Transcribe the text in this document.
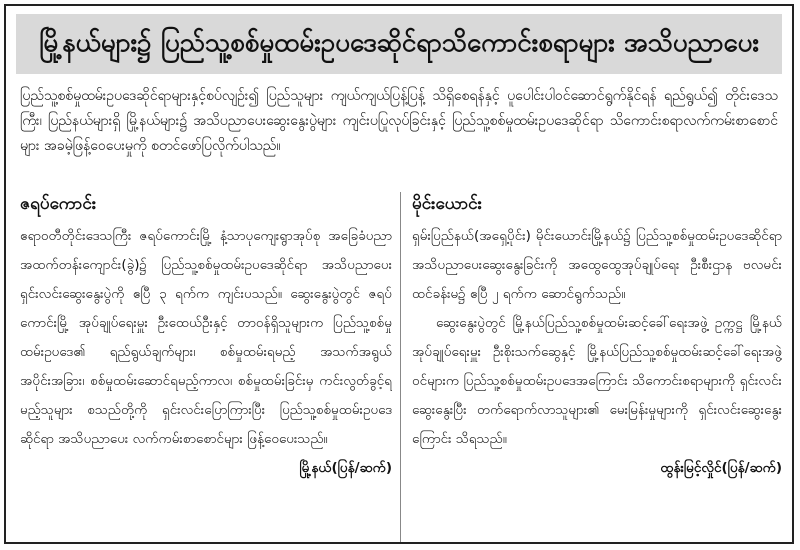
မြို့နယ်များ၌ ပြည်သူ့စစ်မှုထမ်းဥပဒေဆိုင်ရာသိကောင်းစရာများ အသိပညာပေး
ပြည်သူ့စစ်မှုထမ်းဥပဒေဆိုင်ရာများနှင့်စပ်လျဉ်း၍ ပြည်သူများ ကျယ်ကျယ်ပြန့်ပြန့် သိရှိစေရန်နှင့် ပူပေါင်းပါဝင်ဆောင်ရွက်နိုင်ရန် ရည်ရွယ်၍ တိုင်းဒေသကြီး၊ ပြည်နယ်များရှိ မြို့နယ်များ၌ အသိပညာပေးဆွေးနွေးပွဲများ ကျင်းပပြုလုပ်ခြင်းနှင့် ပြည်သူ့စစ်မှုထမ်းဥပဒေဆိုင်ရာ သိကောင်းစရာလက်ကမ်းစာစောင်များ အခမဲ့ဖြန့်ဝေပေးမှုကို စတင်ဖော်ပြလိုက်ပါသည်။
ဇရပ်ကောင်း
ဧရာဝတီတိုင်းဒေသကြီး ဇရပ်ကောင်းမြို့ နံ့သာပုကျေးရွာအုပ်စု အခြေခံပညာအထက်တန်းကျောင်း(ခွဲ)၌ ပြည်သူ့စစ်မှုထမ်းဥပဒေဆိုင်ရာ အသိပညာပေးရှင်းလင်းဆွေးနွေးပွဲကို ဧပြီ ၃ ရက်က ကျင်းပသည်။ ဆွေးနွေးပွဲတွင် ဇရပ်ကောင်းမြို့ အုပ်ချုပ်ရေးမှူး ဦးထေယ်ဦးနှင့် တာဝန်ရှိသူများက ပြည်သူ့စစ်မှုထမ်းဥပဒေ၏ ရည်ရွယ်ချက်များ၊ စစ်မှုထမ်းရမည့် အသက်အရွယ်အပိုင်းအခြား၊ စစ်မှုထမ်းဆောင်ရမည့်ကာလ၊ စစ်မှုထမ်းခြင်းမှ ကင်းလွတ်ခွင့်ရမည့်သူများ စသည်တို့ကို ရှင်းလင်းပြောကြားပြီး ပြည်သူ့စစ်မှုထမ်းဥပဒေဆိုင်ရာ အသိပညာပေး လက်ကမ်းစာစောင်များ ဖြန့်ဝေပေးသည်။
မြို့နယ်(ပြန်/ဆက်)
မိုင်းယောင်း
ရှမ်းပြည်နယ်(အရှေ့ပိုင်း) မိုင်းယောင်းမြို့နယ်၌ ပြည်သူ့စစ်မှုထမ်းဥပဒေဆိုင်ရာ အသိပညာပေးဆွေးနွေးခြင်းကို အထွေထွေအုပ်ချုပ်ရေး ဦးစီးဌာန ဗလမင်းထင်ခန်းမ၌ ဧပြီ ၂ ရက်က ဆောင်ရွက်သည်။
ဆွေးနွေးပွဲတွင် မြို့နယ်ပြည်သူ့စစ်မှုထမ်းဆင့်ခေါ်ရေးအဖွဲ့ ဥက္ကဋ္ဌ မြို့နယ်အုပ်ချုပ်ရေးမှူး ဦးစိုးသက်ဆွေနှင့် မြို့နယ်ပြည်သူ့စစ်မှုထမ်းဆင့်ခေါ်ရေးအဖွဲ့ဝင်များက ပြည်သူ့စစ်မှုထမ်းဥပဒေအကြောင်း သိကောင်းစရာများကို ရှင်းလင်းဆွေးနွေးပြီး တက်ရောက်လာသူများ၏ မေးမြန်းမှုများကို ရှင်းလင်းဆွေးနွေးကြောင်း သိရသည်။
ထွန်းမြင့်လှိုင်(ပြန်/ဆက်)
